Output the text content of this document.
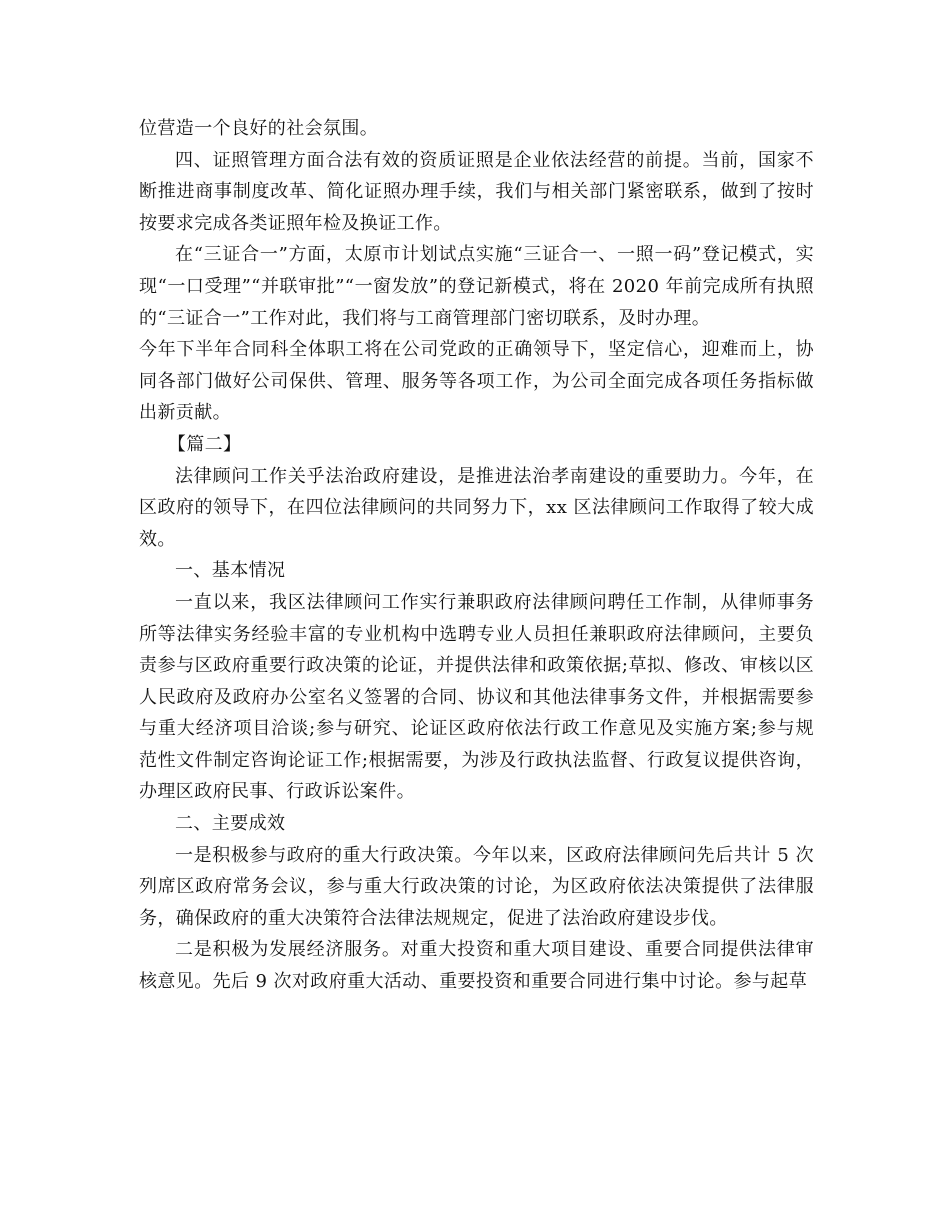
位营造一个良好的社会氛围。

四、证照管理方面合法有效的资质证照是企业依法经营的前提。当前，国家不断推进商事制度改革、简化证照办理手续，我们与相关部门紧密联系，做到了按时按要求完成各类证照年检及换证工作。

在“三证合一”方面，太原市计划试点实施“三证合一、一照一码”登记模式，实现“一口受理”“并联审批”“一窗发放”的登记新模式，将在 2020 年前完成所有执照的“三证合一”工作对此，我们将与工商管理部门密切联系，及时办理。

今年下半年合同科全体职工将在公司党政的正确领导下，坚定信心，迎难而上，协同各部门做好公司保供、管理、服务等各项工作，为公司全面完成各项任务指标做出新贡献。

【篇二】

法律顾问工作关乎法治政府建设，是推进法治孝南建设的重要助力。今年，在区政府的领导下，在四位法律顾问的共同努力下，xx 区法律顾问工作取得了较大成效。

一、基本情况

一直以来，我区法律顾问工作实行兼职政府法律顾问聘任工作制，从律师事务所等法律实务经验丰富的专业机构中选聘专业人员担任兼职政府法律顾问，主要负责参与区政府重要行政决策的论证，并提供法律和政策依据;草拟、修改、审核以区人民政府及政府办公室名义签署的合同、协议和其他法律事务文件，并根据需要参与重大经济项目洽谈;参与研究、论证区政府依法行政工作意见及实施方案;参与规范性文件制定咨询论证工作;根据需要，为涉及行政执法监督、行政复议提供咨询，办理区政府民事、行政诉讼案件。

二、主要成效

一是积极参与政府的重大行政决策。今年以来，区政府法律顾问先后共计 5 次列席区政府常务会议，参与重大行政决策的讨论，为区政府依法决策提供了法律服务，确保政府的重大决策符合法律法规规定，促进了法治政府建设步伐。

二是积极为发展经济服务。对重大投资和重大项目建设、重要合同提供法律审核意见。先后 9 次对政府重大活动、重要投资和重要合同进行集中讨论。参与起草
